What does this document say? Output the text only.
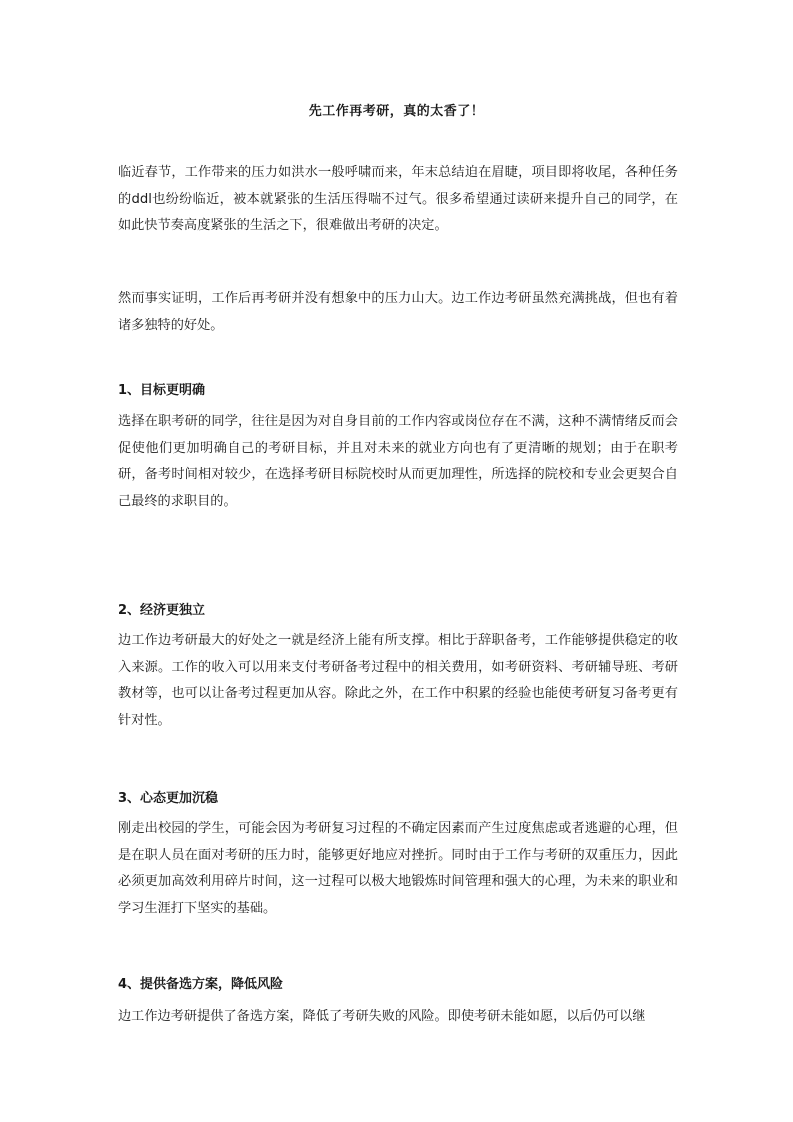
先工作再考研，真的太香了！

临近春节，工作带来的压力如洪水一般呼啸而来，年末总结迫在眉睫，项目即将收尾，各种任务的ddl也纷纷临近，被本就紧张的生活压得喘不过气。很多希望通过读研来提升自己的同学，在如此快节奏高度紧张的生活之下，很难做出考研的决定。

然而事实证明，工作后再考研并没有想象中的压力山大。边工作边考研虽然充满挑战，但也有着诸多独特的好处。

1、目标更明确

选择在职考研的同学，往往是因为对自身目前的工作内容或岗位存在不满，这种不满情绪反而会促使他们更加明确自己的考研目标，并且对未来的就业方向也有了更清晰的规划；由于在职考研，备考时间相对较少，在选择考研目标院校时从而更加理性，所选择的院校和专业会更契合自己最终的求职目的。

2、经济更独立

边工作边考研最大的好处之一就是经济上能有所支撑。相比于辞职备考，工作能够提供稳定的收入来源。工作的收入可以用来支付考研备考过程中的相关费用，如考研资料、考研辅导班、考研教材等，也可以让备考过程更加从容。除此之外，在工作中积累的经验也能使考研复习备考更有针对性。

3、心态更加沉稳

刚走出校园的学生，可能会因为考研复习过程的不确定因素而产生过度焦虑或者逃避的心理，但是在职人员在面对考研的压力时，能够更好地应对挫折。同时由于工作与考研的双重压力，因此必须更加高效利用碎片时间，这一过程可以极大地锻炼时间管理和强大的心理，为未来的职业和学习生涯打下坚实的基础。

4、提供备选方案，降低风险

边工作边考研提供了备选方案，降低了考研失败的风险。即使考研未能如愿，以后仍可以继
